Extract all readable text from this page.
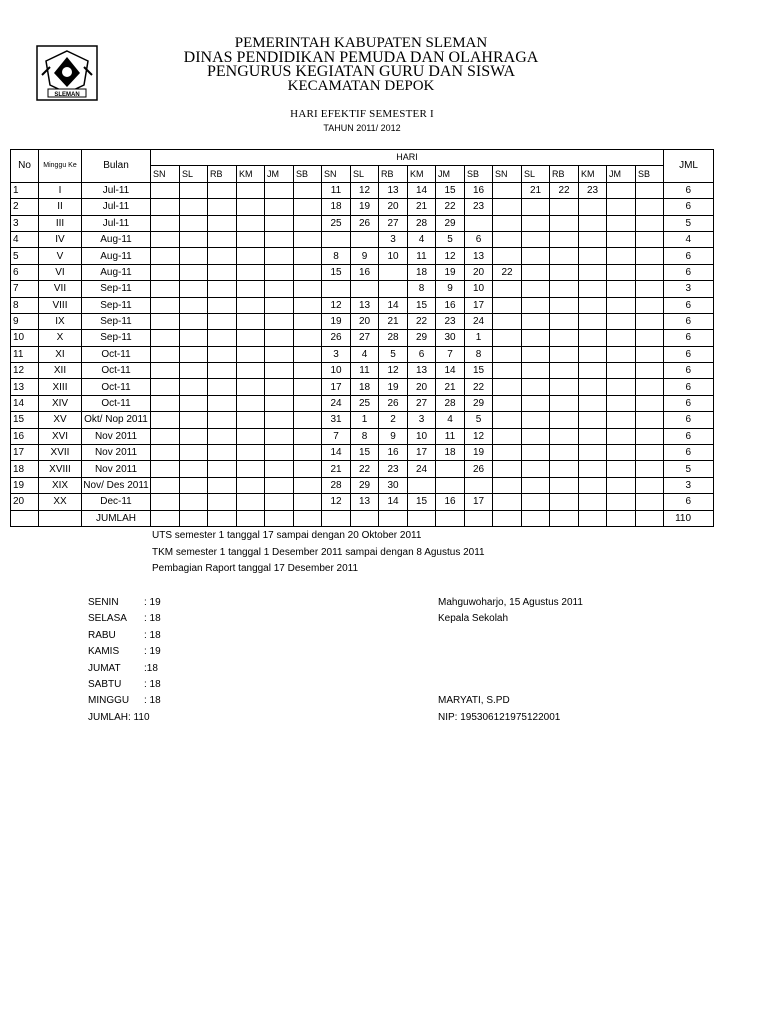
SLEMAN
PEMERINTAH KABUPATEN SLEMAN
DINAS PENDIDIKAN PEMUDA DAN OLAHRAGA
PENGURUS KEGIATAN GURU DAN SISWA
KECAMATAN DEPOK
HARI EFEKTIF SEMESTER I
TAHUN 2011/ 2012
No	Minggu Ke	Bulan	HARI																		JML
			SN	SL	RB	KM	JM	SB	SN	SL	RB	KM	JM	SB	SN	SL	RB	KM	JM	SB	
1	I	Jul-11							11	12	13	14	15	16		21	22	23			6
2	II	Jul-11							18	19	20	21	22	23							6
3	III	Jul-11							25	26	27	28	29								5
4	IV	Aug-11									3	4	5	6							4
5	V	Aug-11							8	9	10	11	12	13							6
6	VI	Aug-11							15	16		18	19	20	22						6
7	VII	Sep-11										8	9	10							3
8	VIII	Sep-11							12	13	14	15	16	17							6
9	IX	Sep-11							19	20	21	22	23	24							6
10	X	Sep-11							26	27	28	29	30	1							6
11	XI	Oct-11							3	4	5	6	7	8							6
12	XII	Oct-11							10	11	12	13	14	15							6
13	XIII	Oct-11							17	18	19	20	21	22							6
14	XIV	Oct-11							24	25	26	27	28	29							6
15	XV	Okt/ Nop 2011							31	1	2	3	4	5							6
16	XVI	Nov 2011							7	8	9	10	11	12							6
17	XVII	Nov 2011							14	15	16	17	18	19							6
18	XVIII	Nov 2011							21	22	23	24		26							5
19	XIX	Nov/ Des 2011							28	29	30										3
20	XX	Dec-11							12	13	14	15	16	17							6
		JUMLAH																			110
UTS semester 1 tanggal 17 sampai dengan 20 Oktober 2011
TKM semester 1 tanggal 1 Desember 2011 sampai dengan 8 Agustus 2011
Pembagian Raport tanggal 17 Desember 2011
SENIN	: 19
SELASA : 18
RABU	: 18
KAMIS : 19
JUMAT :18
SABTU : 18
MINGGU : 18
JUMLAH: 110
Mahguwoharjo, 15 Agustus 2011
Kepala Sekolah
MARYATI, S.PD
NIP: 195306121975122001
